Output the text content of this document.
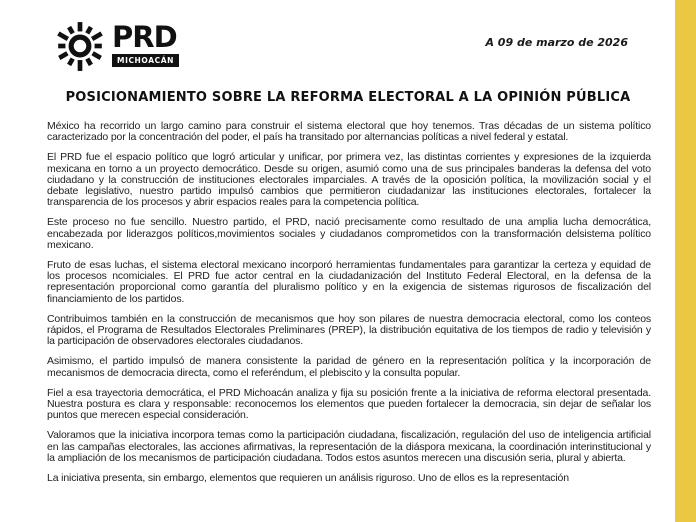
PRD
MICHOACÁN
A 09 de marzo de 2026
POSICIONAMIENTO SOBRE LA REFORMA ELECTORAL A LA OPINIÓN PÚBLICA

México ha recorrido un largo camino para construir el sistema electoral que hoy tenemos. Tras décadas de un sistema político caracterizado por la concentración del poder, el país ha transitado por alternancias políticas a nivel federal y estatal.

El PRD fue el espacio político que logró articular y unificar, por primera vez, las distintas corrientes y expresiones de la izquierda mexicana en torno a un proyecto democrático. Desde su origen, asumió como una de sus principales banderas la defensa del voto ciudadano y la construcción de instituciones electorales imparciales. A través de la oposición política, la movilización social y el debate legislativo, nuestro partido impulsó cambios que permitieron ciudadanizar las instituciones electorales, fortalecer la transparencia de los procesos y abrir espacios reales para la competencia política.

Este proceso no fue sencillo. Nuestro partido, el PRD, nació precisamente como resultado de una amplia lucha democrática, encabezada por liderazgos políticos,movimientos sociales y ciudadanos comprometidos con la transformación delsistema político mexicano.

Fruto de esas luchas, el sistema electoral mexicano incorporó herramientas fundamentales para garantizar la certeza y equidad de los procesos ncomiciales. El PRD fue actor central en la ciudadanización del Instituto Federal Electoral, en la defensa de la representación proporcional como garantía del pluralismo político y en la exigencia de sistemas rigurosos de fiscalización del financiamiento de los partidos.

Contribuimos también en la construcción de mecanismos que hoy son pilares de nuestra democracia electoral, como los conteos rápidos, el Programa de Resultados Electorales Preliminares (PREP), la distribución equitativa de los tiempos de radio y televisión y la participación de observadores electorales ciudadanos.

Asimismo, el partido impulsó de manera consistente la paridad de género en la representación política y la incorporación de mecanismos de democracia directa, como el referéndum, el plebiscito y la consulta popular.

Fiel a esa trayectoria democrática, el PRD Michoacán analiza y fija su posición frente a la iniciativa de reforma electoral presentada. Nuestra postura es clara y responsable: reconocemos los elementos que pueden fortalecer la democracia, sin dejar de señalar los puntos que merecen especial consideración.

Valoramos que la iniciativa incorpora temas como la participación ciudadana, fiscalización, regulación del uso de inteligencia artificial en las campañas electorales, las acciones afirmativas, la representación de la diáspora mexicana, la coordinación interinstitucional y la ampliación de los mecanismos de participación ciudadana. Todos estos asuntos merecen una discusión seria, plural y abierta.

La iniciativa presenta, sin embargo, elementos que requieren un análisis riguroso. Uno de ellos es la representación
